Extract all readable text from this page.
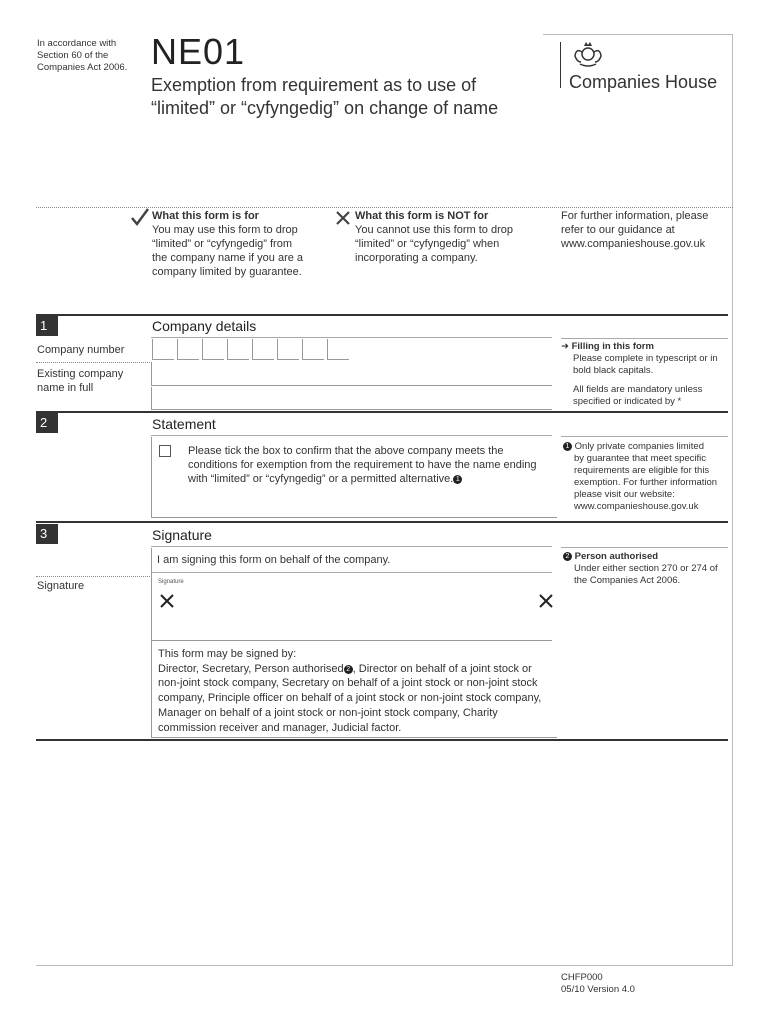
In accordance with
Section 60 of the
Companies Act 2006. NE01
Exemption from requirement as to use of
“limited” or “cyfyngedig” on change of name
Companies House
What this form is for
You may use this form to drop
“limited” or “cyfyngedig” from
the company name if you are a
company limited by guarantee.
What this form is NOT for
You cannot use this form to drop
“limited” or “cyfyngedig” when
incorporating a company.
For further information, please
refer to our guidance at
www.companieshouse.gov.uk
1	Company details
Company number
Existing company
name in full
➜ Filling in this form
Please complete in typescript or in
bold black capitals.
All fields are mandatory unless
specified or indicated by *
2	Statement
Please tick the box to confirm that the above company meets the
conditions for exemption from the requirement to have the name ending
with “limited” or “cyfyngedig” or a permitted alternative. 1
1 Only private companies limited
by guarantee that meet specific
requirements are eligible for this
exemption. For further information
please visit our website:
www.companieshouse.gov.uk
3	Signature
I am signing this form on behalf of the company.
Signature	Signature
This form may be signed by:
Director, Secretary, Person authorised 2 , Director on behalf of a joint stock or
non-joint stock company, Secretary on behalf of a joint stock or non-joint stock
company, Principle officer on behalf of a joint stock or non-joint stock company,
Manager on behalf of a joint stock or non-joint stock company, Charity
commission receiver and manager, Judicial factor.
2 Person authorised
Under either section 270 or 274 of
the Companies Act 2006.
CHFP000
05/10 Version 4.0
